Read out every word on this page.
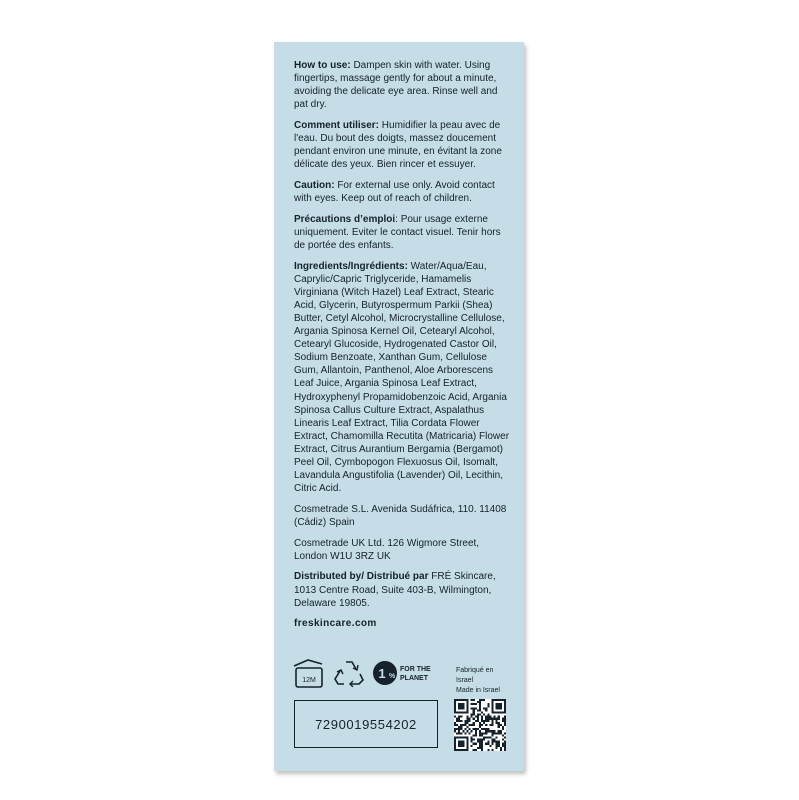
How to use: Dampen skin with water. Using fingertips, massage gently for about a minute, avoiding the delicate eye area. Rinse well and pat dry.

Comment utiliser: Humidifier la peau avec de l'eau. Du bout des doigts, massez doucement pendant environ une minute, en évitant la zone délicate des yeux. Bien rincer et essuyer.

Caution: For external use only. Avoid contact with eyes. Keep out of reach of children.

Précautions d’emploi: Pour usage externe uniquement. Eviter le contact visuel. Tenir hors de portée des enfants.

Ingredients/Ingrédients: Water/Aqua/Eau, Caprylic/Capric Triglyceride, Hamamelis Virginiana (Witch Hazel) Leaf Extract, Stearic Acid, Glycerin, Butyrospermum Parkii (Shea) Butter, Cetyl Alcohol, Microcrystalline Cellulose, Argania Spinosa Kernel Oil, Cetearyl Alcohol, Cetearyl Glucoside, Hydrogenated Castor Oil, Sodium Benzoate, Xanthan Gum, Cellulose Gum, Allantoin, Panthenol, Aloe Arborescens Leaf Juice, Argania Spinosa Leaf Extract, Hydroxyphenyl Propamidobenzoic Acid, Argania Spinosa Callus Culture Extract, Aspalathus Linearis Leaf Extract, Tilia Cordata Flower Extract, Chamomilla Recutita (Matricaria) Flower Extract, Citrus Aurantium Bergamia (Bergamot) Peel Oil, Cymbopogon Flexuosus Oil, Isomalt, Lavandula Angustifolia (Lavender) Oil, Lecithin, Citric Acid.

Cosmetrade S.L. Avenida Sudáfrica, 110. 11408 (Cádiz) Spain

Cosmetrade UK Ltd. 126 Wigmore Street, London W1U 3RZ UK

Distributed by/ Distribué par FRÉ Skincare, 1013 Centre Road, Suite 403-B, Wilmington, Delaware 19805.

freskincare.com

12M	1 %
FOR THE
PLANET
Fabriqué en Israel
Made in Israel
7290019554202
